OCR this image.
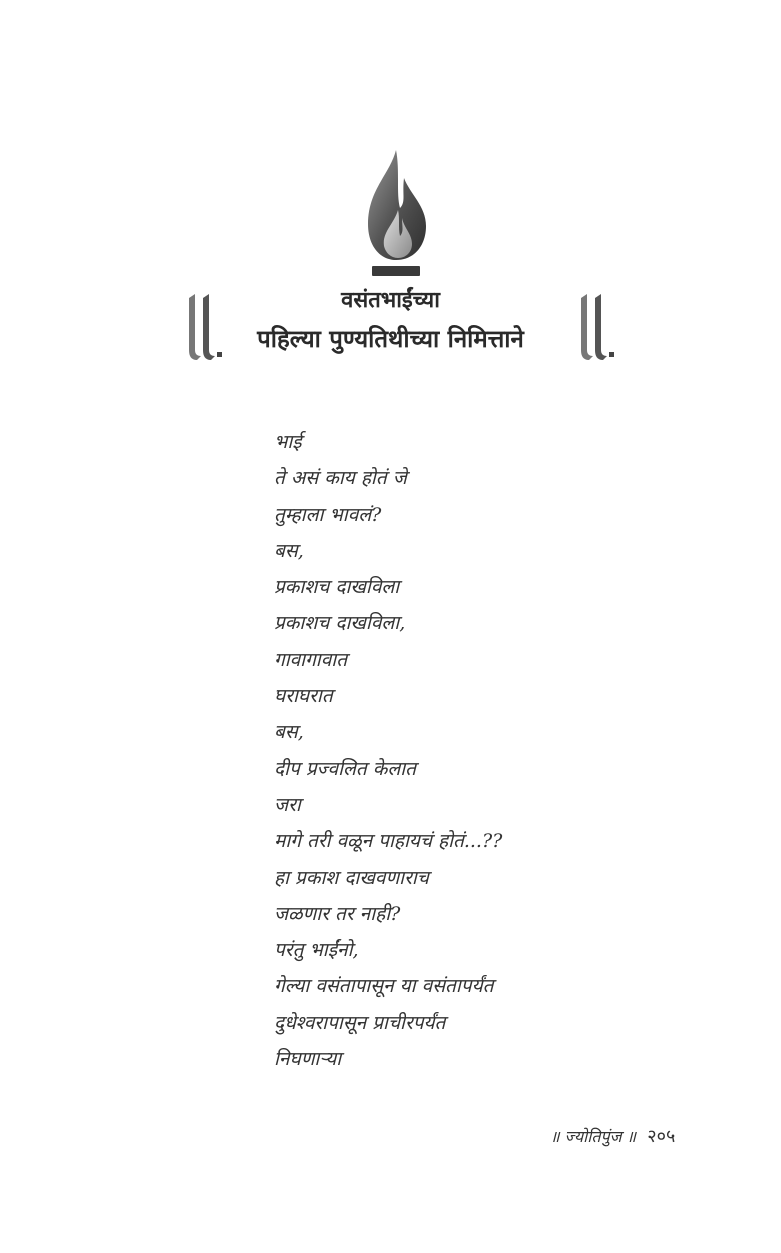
वसंतभाईंच्या
पहिल्या पुण्यतिथीच्या निमित्ताने
भाई
ते असं काय होतं जे
तुम्हाला भावलं?
बस,
प्रकाशच दाखविला
प्रकाशच दाखविला,
गावागावात
घराघरात
बस,
दीप प्रज्वलित केलात
जरा
मागे तरी वळून पाहायचं होतं...??
हा प्रकाश दाखवणाराच
जळणार तर नाही?
परंतु भाईंनो,
गेल्या वसंतापासून या वसंतापर्यंत
दुधेश्वरापासून प्राचीरपर्यंत
निघणाऱ्या
॥ ज्योतिपुंज ॥ २०५
